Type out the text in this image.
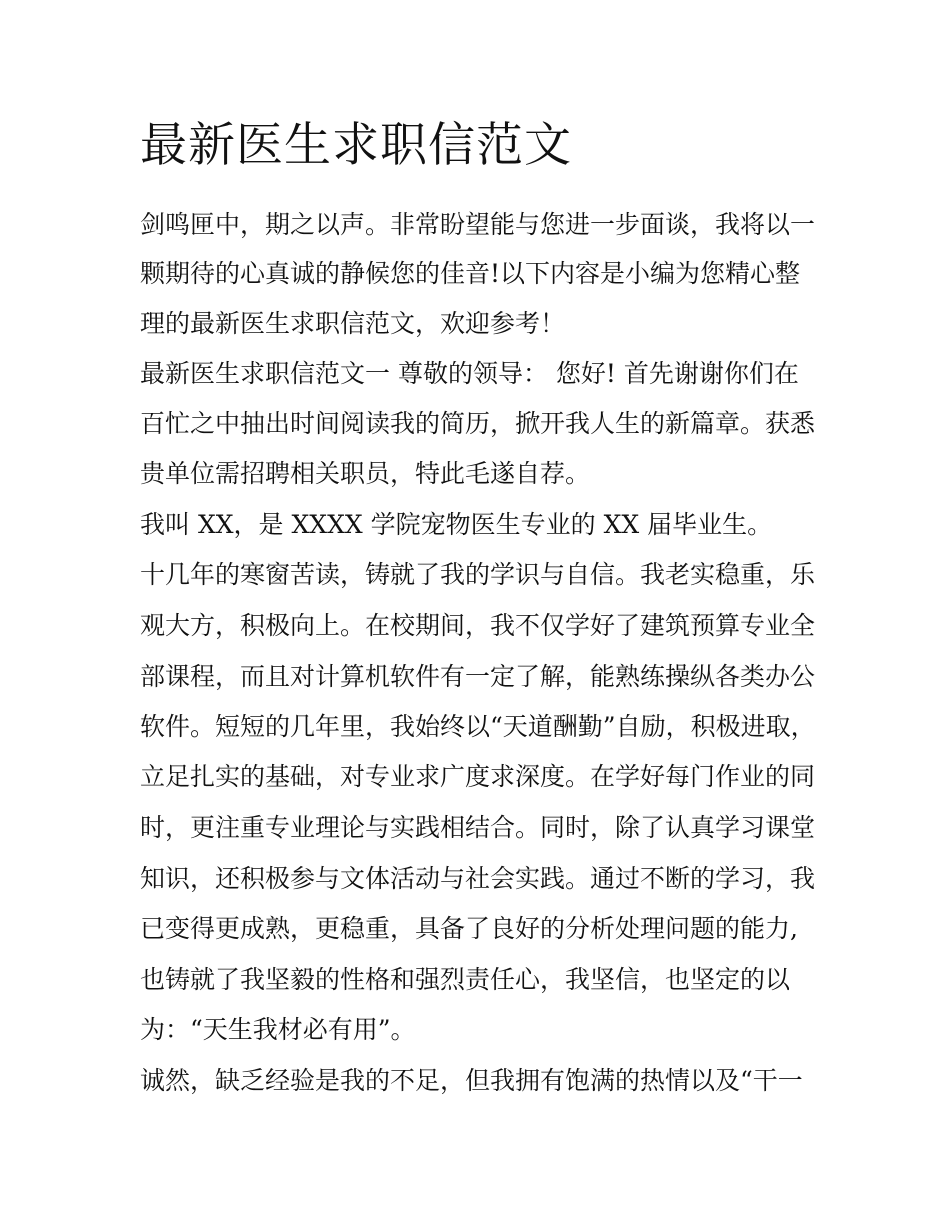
最新医生求职信范文

剑鸣匣中，期之以声。非常盼望能与您进一步面谈，我将以一

颗期待的心真诚的静候您的佳音!以下内容是小编为您精心整

理的最新医生求职信范文，欢迎参考！

最新医生求职信范文一 尊敬的领导： 您好! 首先谢谢你们在

百忙之中抽出时间阅读我的简历，掀开我人生的新篇章。获悉

贵单位需招聘相关职员，特此毛遂自荐。

我叫 XX，是 XXXX 学院宠物医生专业的 XX 届毕业生。

十几年的寒窗苦读，铸就了我的学识与自信。我老实稳重，乐

观大方，积极向上。在校期间，我不仅学好了建筑预算专业全

部课程，而且对计算机软件有一定了解，能熟练操纵各类办公

软件。短短的几年里，我始终以“天道酬勤”自励，积极进取，

立足扎实的基础，对专业求广度求深度。在学好每门作业的同

时，更注重专业理论与实践相结合。同时，除了认真学习课堂

知识，还积极参与文体活动与社会实践。通过不断的学习，我

已变得更成熟，更稳重，具备了良好的分析处理问题的能力,

也铸就了我坚毅的性格和强烈责任心，我坚信，也坚定的以

为：“天生我材必有用”。

诚然，缺乏经验是我的不足，但我拥有饱满的热情以及“干一
